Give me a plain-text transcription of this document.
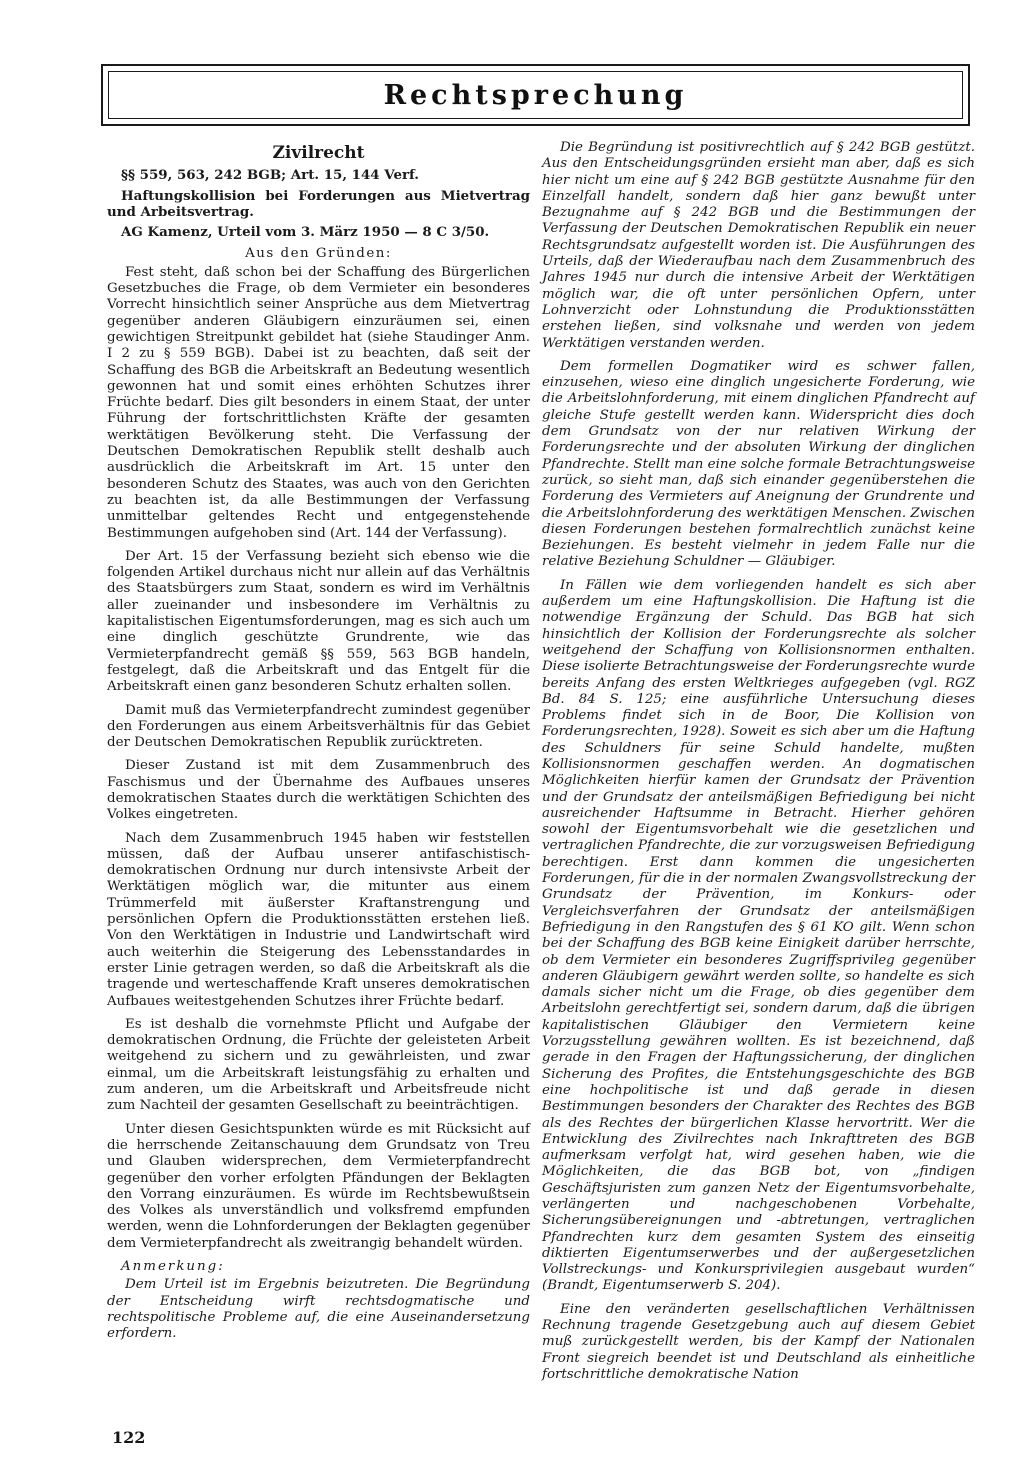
Rechtsprechung
Zivilrecht
§§ 559, 563, 242 BGB; Art. 15, 144 Verf.
Haftungskollision bei Forderungen aus Mietvertrag und Arbeitsvertrag.
AG Kamenz, Urteil vom 3. März 1950 — 8 C 3/50.
Aus den Gründen:

Fest steht, daß schon bei der Schaffung des Bürgerlichen Gesetzbuches die Frage, ob dem Vermieter ein besonderes Vorrecht hinsichtlich seiner Ansprüche aus dem Mietvertrag gegenüber anderen Gläubigern einzuräumen sei, einen gewichtigen Streitpunkt gebildet hat (siehe Staudinger Anm. I 2 zu § 559 BGB). Dabei ist zu beachten, daß seit der Schaffung des BGB die Arbeitskraft an Bedeutung wesentlich gewonnen hat und somit eines erhöhten Schutzes ihrer Früchte bedarf. Dies gilt besonders in einem Staat, der unter Führung der fortschrittlichsten Kräfte der gesamten werktätigen Bevölkerung steht. Die Verfassung der Deutschen Demokratischen Republik stellt deshalb auch ausdrücklich die Arbeitskraft im Art. 15 unter den besonderen Schutz des Staates, was auch von den Gerichten zu beachten ist, da alle Bestimmungen der Verfassung unmittelbar geltendes Recht und entgegenstehende Bestimmungen aufgehoben sind (Art. 144 der Verfassung).

Der Art. 15 der Verfassung bezieht sich ebenso wie die folgenden Artikel durchaus nicht nur allein auf das Verhältnis des Staatsbürgers zum Staat, sondern es wird im Verhältnis aller zueinander und insbesondere im Verhältnis zu kapitalistischen Eigentumsforderungen, mag es sich auch um eine dinglich geschützte Grundrente, wie das Vermieterpfandrecht gemäß §§ 559, 563 BGB handeln, festgelegt, daß die Arbeitskraft und das Entgelt für die Arbeitskraft einen ganz besonderen Schutz erhalten sollen.

Damit muß das Vermieterpfandrecht zumindest gegenüber den Forderungen aus einem Arbeitsverhältnis für das Gebiet der Deutschen Demokratischen Republik zurücktreten.

Dieser Zustand ist mit dem Zusammenbruch des Faschismus und der Übernahme des Aufbaues unseres demokratischen Staates durch die werktätigen Schichten des Volkes eingetreten.

Nach dem Zusammenbruch 1945 haben wir feststellen müssen, daß der Aufbau unserer antifaschistisch-demokratischen Ordnung nur durch intensivste Arbeit der Werktätigen möglich war, die mitunter aus einem Trümmerfeld mit äußerster Kraftanstrengung und persönlichen Opfern die Produktionsstätten erstehen ließ. Von den Werktätigen in Industrie und Landwirtschaft wird auch weiterhin die Steigerung des Lebensstandardes in erster Linie getragen werden, so daß die Arbeitskraft als die tragende und werteschaffende Kraft unseres demokratischen Aufbaues weitestgehenden Schutzes ihrer Früchte bedarf.

Es ist deshalb die vornehmste Pflicht und Aufgabe der demokratischen Ordnung, die Früchte der geleisteten Arbeit weitgehend zu sichern und zu gewährleisten, und zwar einmal, um die Arbeitskraft leistungsfähig zu erhalten und zum anderen, um die Arbeitskraft und Arbeitsfreude nicht zum Nachteil der gesamten Gesellschaft zu beeinträchtigen.

Unter diesen Gesichtspunkten würde es mit Rücksicht auf die herrschende Zeitanschauung dem Grundsatz von Treu und Glauben widersprechen, dem Vermieterpfandrecht gegenüber den vorher erfolgten Pfändungen der Beklagten den Vorrang einzuräumen. Es würde im Rechtsbewußtsein des Volkes als unverständlich und volksfremd empfunden werden, wenn die Lohnforderungen der Beklagten gegenüber dem Vermieterpfandrecht als zweitrangig behandelt würden.

Anmerkung:

Dem Urteil ist im Ergebnis beizutreten. Die Begründung der Entscheidung wirft rechtsdogmatische und rechtspolitische Probleme auf, die eine Auseinandersetzung erfordern.

Die Begründung ist positivrechtlich auf § 242 BGB gestützt. Aus den Entscheidungsgründen ersieht man aber, daß es sich hier nicht um eine auf § 242 BGB gestützte Ausnahme für den Einzelfall handelt, sondern daß hier ganz bewußt unter Bezugnahme auf § 242 BGB und die Bestimmungen der Verfassung der Deutschen Demokratischen Republik ein neuer Rechtsgrundsatz aufgestellt worden ist. Die Ausführungen des Urteils, daß der Wiederaufbau nach dem Zusammenbruch des Jahres 1945 nur durch die intensive Arbeit der Werktätigen möglich war, die oft unter persönlichen Opfern, unter Lohnverzicht oder Lohnstundung die Produktionsstätten erstehen ließen, sind volksnahe und werden von jedem Werktätigen verstanden werden.

Dem formellen Dogmatiker wird es schwer fallen, einzusehen, wieso eine dinglich ungesicherte Forderung, wie die Arbeitslohnforderung, mit einem dinglichen Pfandrecht auf gleiche Stufe gestellt werden kann. Widerspricht dies doch dem Grundsatz von der nur relativen Wirkung der Forderungsrechte und der absoluten Wirkung der dinglichen Pfandrechte. Stellt man eine solche formale Betrachtungsweise zurück, so sieht man, daß sich einander gegenüberstehen die Forderung des Vermieters auf Aneignung der Grundrente und die Arbeitslohnforderung des werktätigen Menschen. Zwischen diesen Forderungen bestehen formalrechtlich zunächst keine Beziehungen. Es besteht vielmehr in jedem Falle nur die relative Beziehung Schuldner — Gläubiger.

In Fällen wie dem vorliegenden handelt es sich aber außerdem um eine Haftungskollision. Die Haftung ist die notwendige Ergänzung der Schuld. Das BGB hat sich hinsichtlich der Kollision der Forderungsrechte als solcher weitgehend der Schaffung von Kollisionsnormen enthalten. Diese isolierte Betrachtungsweise der Forderungsrechte wurde bereits Anfang des ersten Weltkrieges aufgegeben (vgl. RGZ Bd. 84 S. 125; eine ausführliche Untersuchung dieses Problems findet sich in de Boor, Die Kollision von Forderungsrechten, 1928). Soweit es sich aber um die Haftung des Schuldners für seine Schuld handelte, mußten Kollisionsnormen geschaffen werden. An dogmatischen Möglichkeiten hierfür kamen der Grundsatz der Prävention und der Grundsatz der anteilsmäßigen Befriedigung bei nicht ausreichender Haftsumme in Betracht. Hierher gehören sowohl der Eigentumsvorbehalt wie die gesetzlichen und vertraglichen Pfandrechte, die zur vorzugsweisen Befriedigung berechtigen. Erst dann kommen die ungesicherten Forderungen, für die in der normalen Zwangsvollstreckung der Grundsatz der Prävention, im Konkurs- oder Vergleichsverfahren der Grundsatz der anteilsmäßigen Befriedigung in den Rangstufen des § 61 KO gilt. Wenn schon bei der Schaffung des BGB keine Einigkeit darüber herrschte, ob dem Vermieter ein besonderes Zugriffsprivileg gegenüber anderen Gläubigern gewährt werden sollte, so handelte es sich damals sicher nicht um die Frage, ob dies gegenüber dem Arbeitslohn gerechtfertigt sei, sondern darum, daß die übrigen kapitalistischen Gläubiger den Vermietern keine Vorzugsstellung gewähren wollten. Es ist bezeichnend, daß gerade in den Fragen der Haftungssicherung, der dinglichen Sicherung des Profites, die Entstehungsgeschichte des BGB eine hochpolitische ist und daß gerade in diesen Bestimmungen besonders der Charakter des Rechtes des BGB als des Rechtes der bürgerlichen Klasse hervortritt. Wer die Entwicklung des Zivilrechtes nach Inkrafttreten des BGB aufmerksam verfolgt hat, wird gesehen haben, wie die Möglichkeiten, die das BGB bot, von „findigen Geschäftsjuristen zum ganzen Netz der Eigentumsvorbehalte, verlängerten und nachgeschobenen Vorbehalte, Sicherungsübereignungen und -abtretungen, vertraglichen Pfandrechten kurz dem gesamten System des einseitig diktierten Eigentumserwerbes und der außergesetzlichen Vollstreckungs- und Konkursprivilegien ausgebaut wurden“ (Brandt, Eigentumserwerb S. 204).

Eine den veränderten gesellschaftlichen Verhältnissen Rechnung tragende Gesetzgebung auch auf diesem Gebiet muß zurückgestellt werden, bis der Kampf der Nationalen Front siegreich beendet ist und Deutschland als einheitliche fortschrittliche demokratische Nation

122
